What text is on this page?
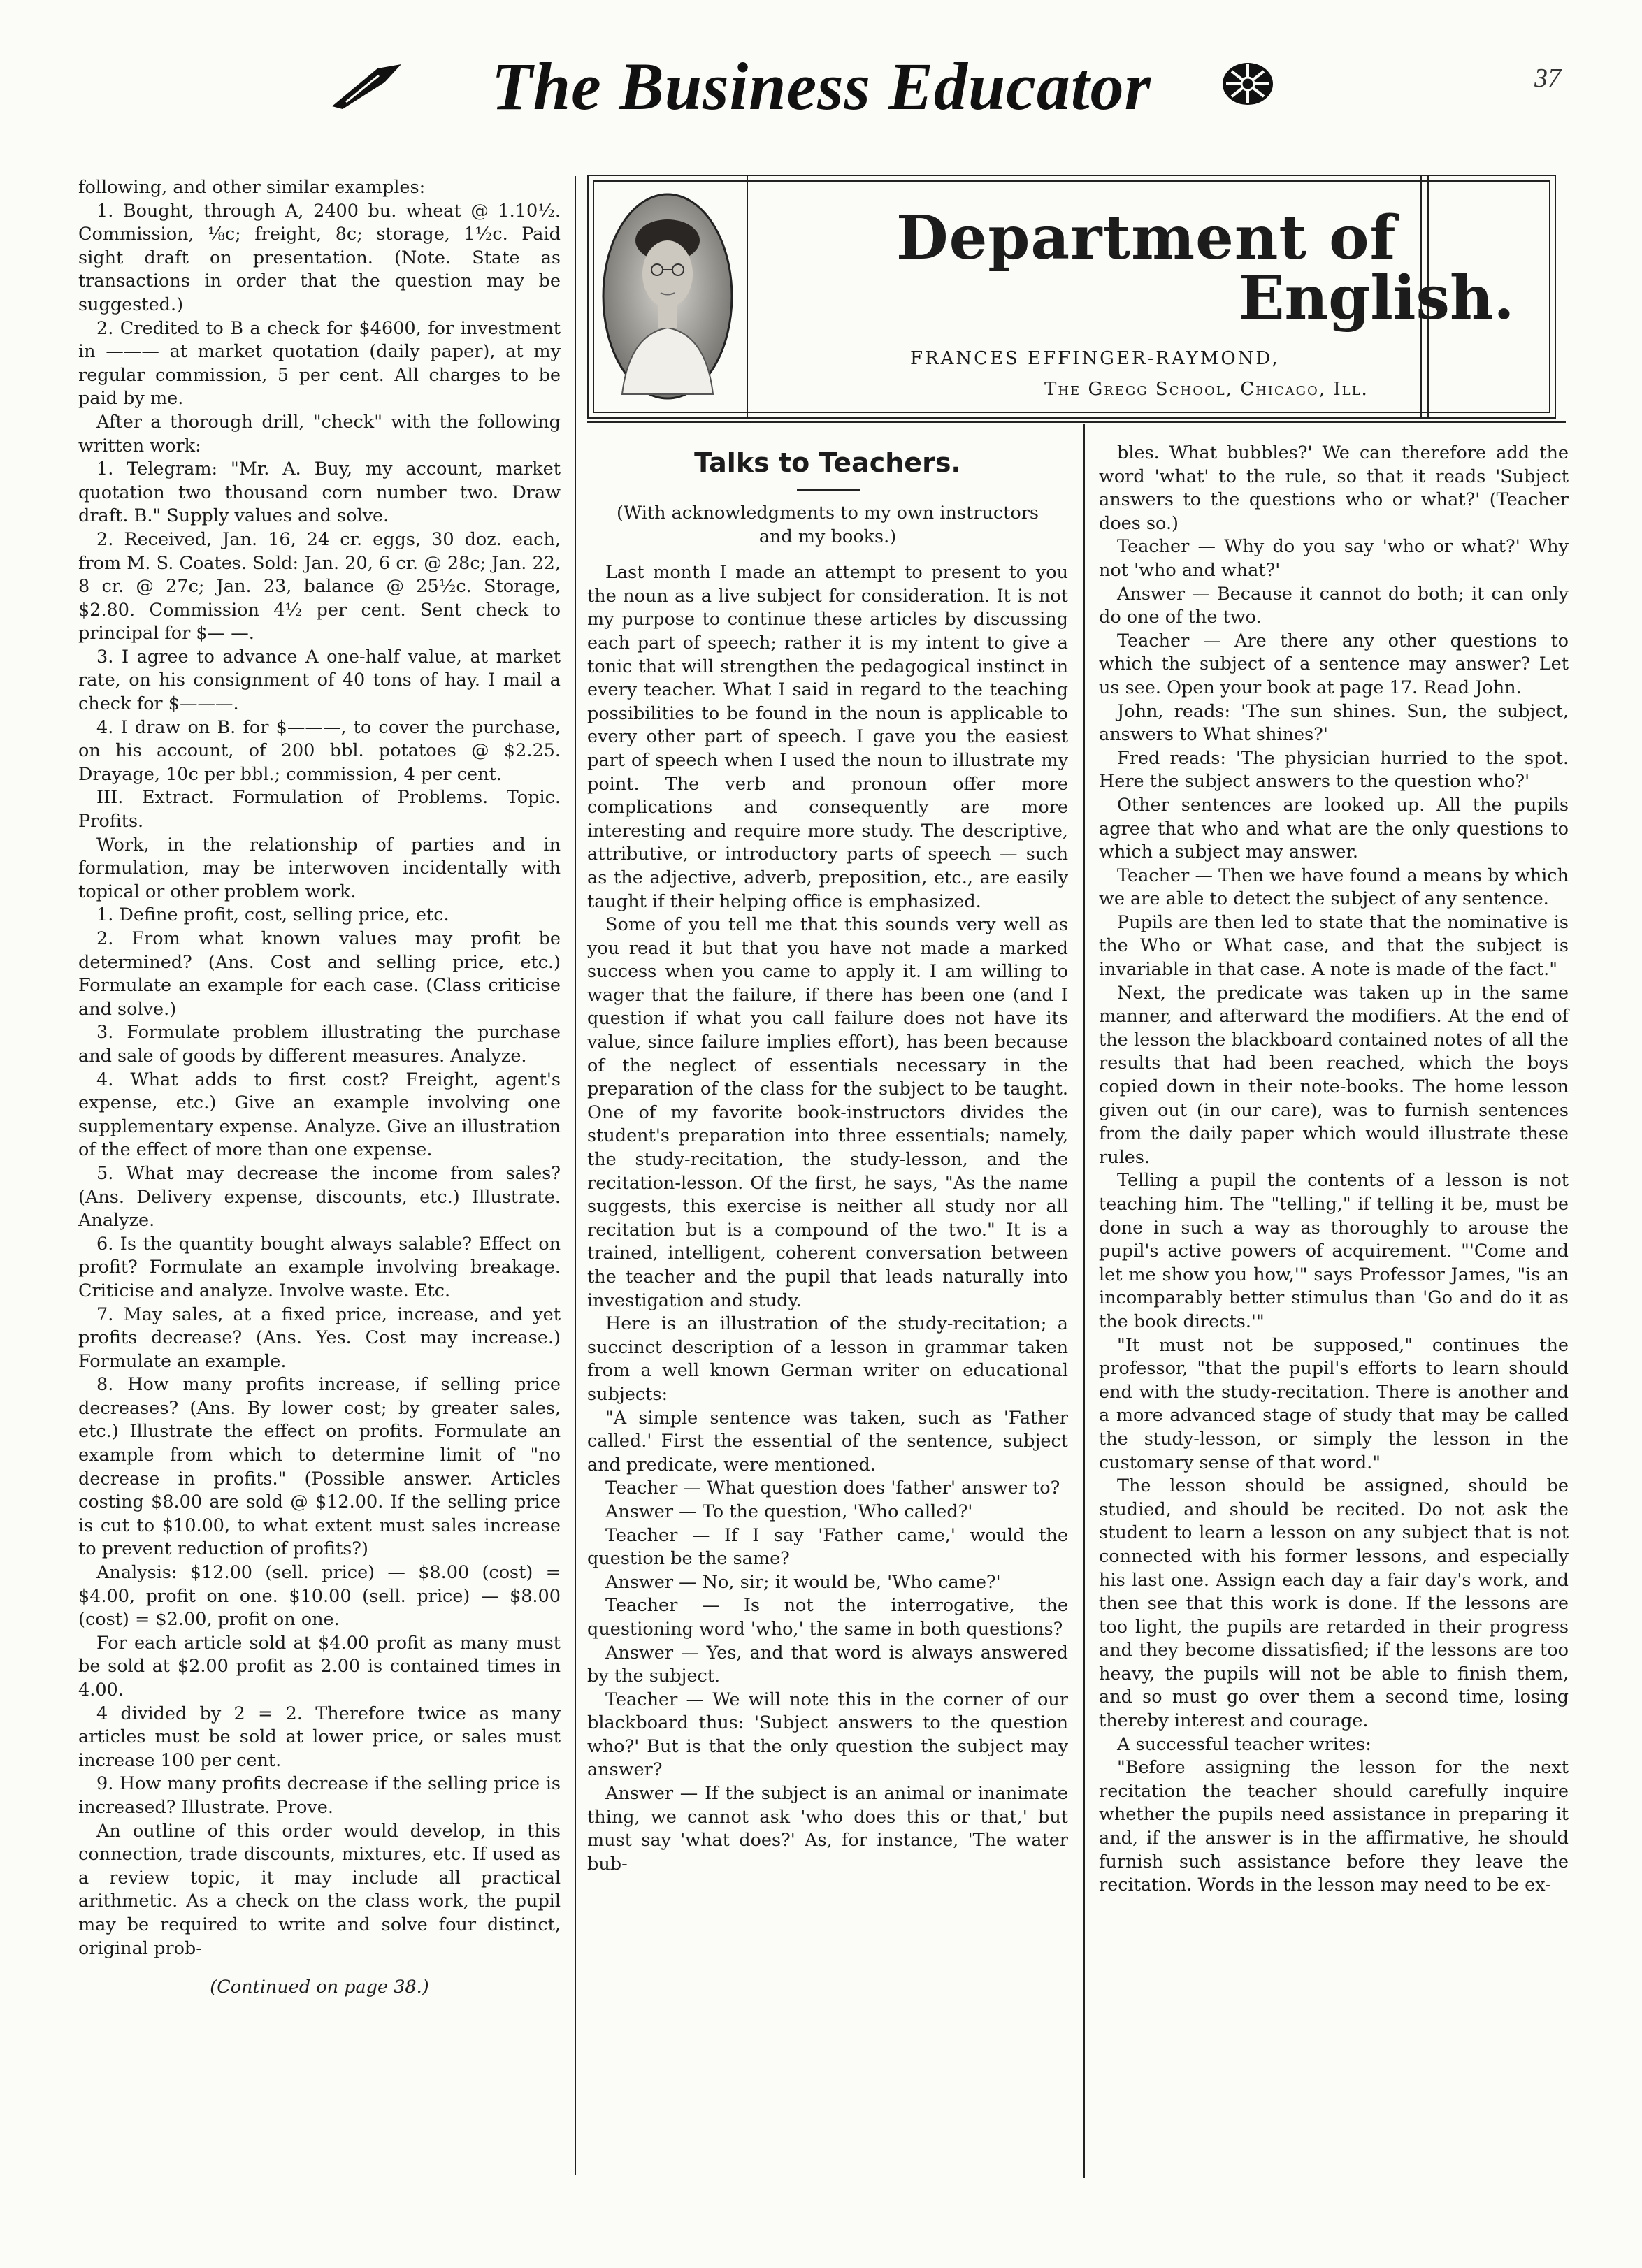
The Business Educator	37
Department of
English.
FRANCES EFFINGER-RAYMOND,
The Gregg School, Chicago, Ill.

following, and other similar examples:

1. Bought, through A, 2400 bu. wheat @ 1.10½. Commission, ⅛c; freight, 8c; storage, 1½c. Paid sight draft on presentation. (Note. State as transactions in order that the question may be suggested.)

2. Credited to B a check for $4600, for investment in ——— at market quotation (daily paper), at my regular commission, 5 per cent. All charges to be paid by me.

After a thorough drill, "check" with the following written work:

1. Telegram: "Mr. A. Buy, my account, market quotation two thousand corn number two. Draw draft. B." Supply values and solve.

2. Received, Jan. 16, 24 cr. eggs, 30 doz. each, from M. S. Coates. Sold: Jan. 20, 6 cr. @ 28c; Jan. 22, 8 cr. @ 27c; Jan. 23, balance @ 25½c. Storage, $2.80. Commission 4½ per cent. Sent check to principal for $— —.

3. I agree to advance A one-half value, at market rate, on his consignment of 40 tons of hay. I mail a check for $———.

4. I draw on B. for $———, to cover the purchase, on his account, of 200 bbl. potatoes @ $2.25. Drayage, 10c per bbl.; commission, 4 per cent.

III. Extract. Formulation of Problems. Topic. Profits.

Work, in the relationship of parties and in formulation, may be interwoven incidentally with topical or other problem work.

1. Define profit, cost, selling price, etc.

2. From what known values may profit be determined? (Ans. Cost and selling price, etc.) Formulate an example for each case. (Class criticise and solve.)

3. Formulate problem illustrating the purchase and sale of goods by different measures. Analyze.

4. What adds to first cost? Freight, agent's expense, etc.) Give an example involving one supplementary expense. Analyze. Give an illustration of the effect of more than one expense.

5. What may decrease the income from sales? (Ans. Delivery expense, discounts, etc.) Illustrate. Analyze.

6. Is the quantity bought always salable? Effect on profit? Formulate an example involving breakage. Criticise and analyze. Involve waste. Etc.

7. May sales, at a fixed price, increase, and yet profits decrease? (Ans. Yes. Cost may increase.) Formulate an example.

8. How many profits increase, if selling price decreases? (Ans. By lower cost; by greater sales, etc.) Illustrate the effect on profits. Formulate an example from which to determine limit of "no decrease in profits." (Possible answer. Articles costing $8.00 are sold @ $12.00. If the selling price is cut to $10.00, to what extent must sales increase to prevent reduction of profits?)

Analysis: $12.00 (sell. price) — $8.00 (cost) = $4.00, profit on one. $10.00 (sell. price) — $8.00 (cost) = $2.00, profit on one.

For each article sold at $4.00 profit as many must be sold at $2.00 profit as 2.00 is contained times in 4.00.

4 divided by 2 = 2. Therefore twice as many articles must be sold at lower price, or sales must increase 100 per cent.

9. How many profits decrease if the selling price is increased? Illustrate. Prove.

An outline of this order would develop, in this connection, trade discounts, mixtures, etc. If used as a review topic, it may include all practical arithmetic. As a check on the class work, the pupil may be required to write and solve four distinct, original prob-

(Continued on page 38.)

Talks to Teachers.

(With acknowledgments to my own instructors and my books.)

Last month I made an attempt to present to you the noun as a live subject for consideration. It is not my purpose to continue these articles by discussing each part of speech; rather it is my intent to give a tonic that will strengthen the pedagogical instinct in every teacher. What I said in regard to the teaching possibilities to be found in the noun is applicable to every other part of speech. I gave you the easiest part of speech when I used the noun to illustrate my point. The verb and pronoun offer more complications and consequently are more interesting and require more study. The descriptive, attributive, or introductory parts of speech — such as the adjective, adverb, preposition, etc., are easily taught if their helping office is emphasized.

Some of you tell me that this sounds very well as you read it but that you have not made a marked success when you came to apply it. I am willing to wager that the failure, if there has been one (and I question if what you call failure does not have its value, since failure implies effort), has been because of the neglect of essentials necessary in the preparation of the class for the subject to be taught. One of my favorite book-instructors divides the student's preparation into three essentials; namely, the study-recitation, the study-lesson, and the recitation-lesson. Of the first, he says, "As the name suggests, this exercise is neither all study nor all recitation but is a compound of the two." It is a trained, intelligent, coherent conversation between the teacher and the pupil that leads naturally into investigation and study.

Here is an illustration of the study-recitation; a succinct description of a lesson in grammar taken from a well known German writer on educational subjects:

"A simple sentence was taken, such as 'Father called.' First the essential of the sentence, subject and predicate, were mentioned.

Teacher — What question does 'father' answer to?

Answer — To the question, 'Who called?'

Teacher — If I say 'Father came,' would the question be the same?

Answer — No, sir; it would be, 'Who came?'

Teacher — Is not the interrogative, the questioning word 'who,' the same in both questions?

Answer — Yes, and that word is always answered by the subject.

Teacher — We will note this in the corner of our blackboard thus: 'Subject answers to the question who?' But is that the only question the subject may answer?

Answer — If the subject is an animal or inanimate thing, we cannot ask 'who does this or that,' but must say 'what does?' As, for instance, 'The water bub-

bles. What bubbles?' We can therefore add the word 'what' to the rule, so that it reads 'Subject answers to the questions who or what?' (Teacher does so.)

Teacher — Why do you say 'who or what?' Why not 'who and what?'

Answer — Because it cannot do both; it can only do one of the two.

Teacher — Are there any other questions to which the subject of a sentence may answer? Let us see. Open your book at page 17. Read John.

John, reads: 'The sun shines. Sun, the subject, answers to What shines?'

Fred reads: 'The physician hurried to the spot. Here the subject answers to the question who?'

Other sentences are looked up. All the pupils agree that who and what are the only questions to which a subject may answer.

Teacher — Then we have found a means by which we are able to detect the subject of any sentence.

Pupils are then led to state that the nominative is the Who or What case, and that the subject is invariable in that case. A note is made of the fact."

Next, the predicate was taken up in the same manner, and afterward the modifiers. At the end of the lesson the blackboard contained notes of all the results that had been reached, which the boys copied down in their note-books. The home lesson given out (in our care), was to furnish sentences from the daily paper which would illustrate these rules.

Telling a pupil the contents of a lesson is not teaching him. The "telling," if telling it be, must be done in such a way as thoroughly to arouse the pupil's active powers of acquirement. "'Come and let me show you how,'" says Professor James, "is an incomparably better stimulus than 'Go and do it as the book directs.'"

"It must not be supposed," continues the professor, "that the pupil's efforts to learn should end with the study-recitation. There is another and a more advanced stage of study that may be called the study-lesson, or simply the lesson in the customary sense of that word."

The lesson should be assigned, should be studied, and should be recited. Do not ask the student to learn a lesson on any subject that is not connected with his former lessons, and especially his last one. Assign each day a fair day's work, and then see that this work is done. If the lessons are too light, the pupils are retarded in their progress and they become dissatisfied; if the lessons are too heavy, the pupils will not be able to finish them, and so must go over them a second time, losing thereby interest and courage.

A successful teacher writes:

"Before assigning the lesson for the next recitation the teacher should carefully inquire whether the pupils need assistance in preparing it and, if the answer is in the affirmative, he should furnish such assistance before they leave the recitation. Words in the lesson may need to be ex-
